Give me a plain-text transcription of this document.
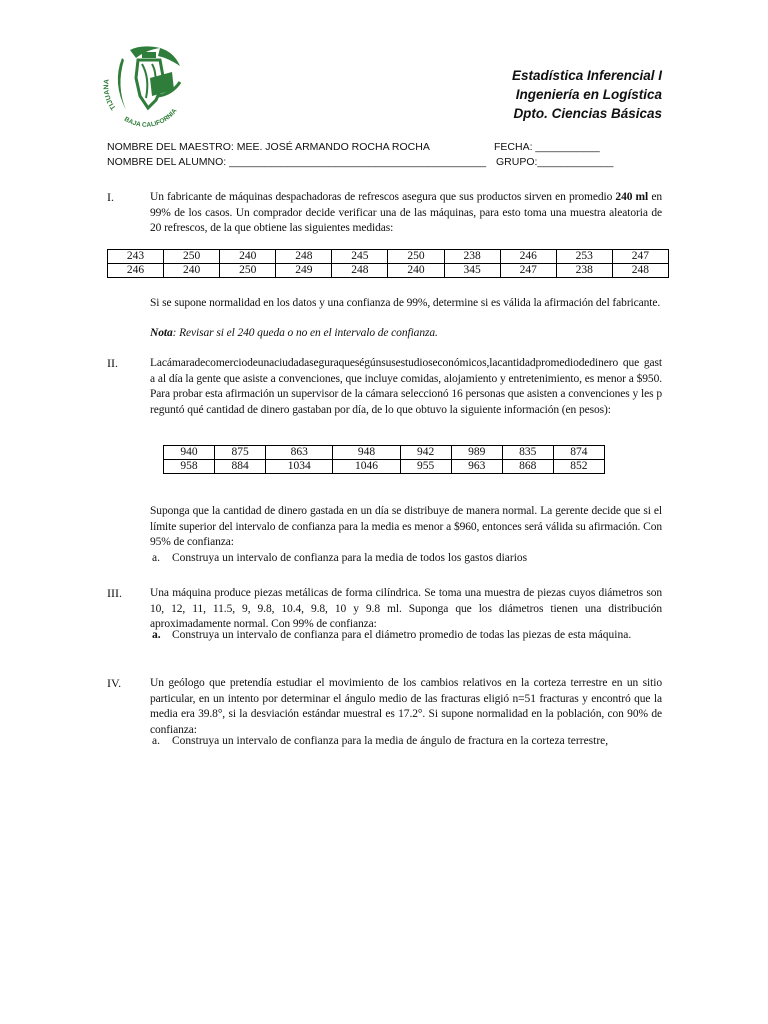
TIJUANA
BAJA CALIFORNIA
Estadística Inferencial I
Ingeniería en Logística
Dpto. Ciencias Básicas
NOMBRE DEL MAESTRO: MEE. JOSÉ ARMANDO ROCHA ROCHA
NOMBRE DEL ALUMNO: ____________________________________________
FECHA: ___________
GRUPO:_____________
I.	Un fabricante de máquinas despachadoras de refrescos asegura que sus productos sirven en promedio 240 ml en 99% de los casos. Un comprador decide verificar una de las máquinas, para esto toma una muestra aleatoria de 20 refrescos, de la que obtiene las siguientes medidas:
243	250	240	248	245	250	238	246	253	247
246	240	250	249	248	240	345	247	238	248
Si se supone normalidad en los datos y una confianza de 99%, determine si es válida la afirmación del fabricante.
Nota: Revisar si el 240 queda o no en el intervalo de confianza.
II.	Lacámaradecomerciodeunaciudadaseguraqueségúnsusestudioseconómicos,lacantidadpromediodedinero que gasta al día la gente que asiste a convenciones, que incluye comidas, alojamiento y entretenimiento, es menor a $950. Para probar esta afirmación un supervisor de la cámara seleccionó 16 personas que asisten a convenciones y les preguntó qué cantidad de dinero gastaban por día, de lo que obtuvo la siguiente información (en pesos):
940	875	863	948	942	989	835	874
958	884	1034	1046	955	963	868	852
Suponga que la cantidad de dinero gastada en un día se distribuye de manera normal. La gerente decide que si el límite superior del intervalo de confianza para la media es menor a $960, entonces será válida su afirmación. Con 95% de confianza:
a. Construya un intervalo de confianza para la media de todos los gastos diarios
III. Una máquina produce piezas metálicas de forma cilíndrica. Se toma una muestra de piezas cuyos diámetros son 10, 12, 11, 11.5, 9, 9.8, 10.4, 9.8, 10 y 9.8 ml. Suponga que los diámetros tienen una distribución aproximadamente normal. Con 99% de confianza:
a. Construya un intervalo de confianza para el diámetro promedio de todas las piezas de esta máquina.
IV.	Un geólogo que pretendía estudiar el movimiento de los cambios relativos en la corteza terrestre en un sitio particular, en un intento por determinar el ángulo medio de las fracturas eligió n=51 fracturas y encontró que la media era 39.8°, si la desviación estándar muestral es 17.2°. Si supone normalidad en la población, con 90% de confianza:
a. Construya un intervalo de confianza para la media de ángulo de fractura en la corteza terrestre,
